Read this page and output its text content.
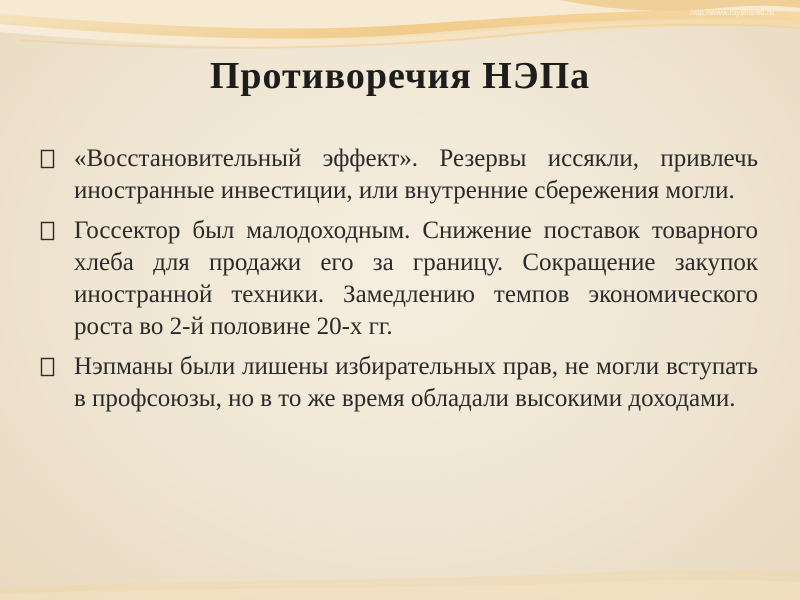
http://www.myshared.ru
Противоречия НЭПа
«Восстановительный эффект». Резервы иссякли, привлечь иностранные инвестиции, или внутренние сбережения могли.
Госсектор был малодоходным. Снижение поставок товарного хлеба для продажи его за границу. Сокращение закупок иностранной техники. Замедлению темпов экономического роста во 2-й половине 20-х гг.
Нэпманы были лишены избирательных прав, не могли вступать в профсоюзы, но в то же время обладали высокими доходами.
